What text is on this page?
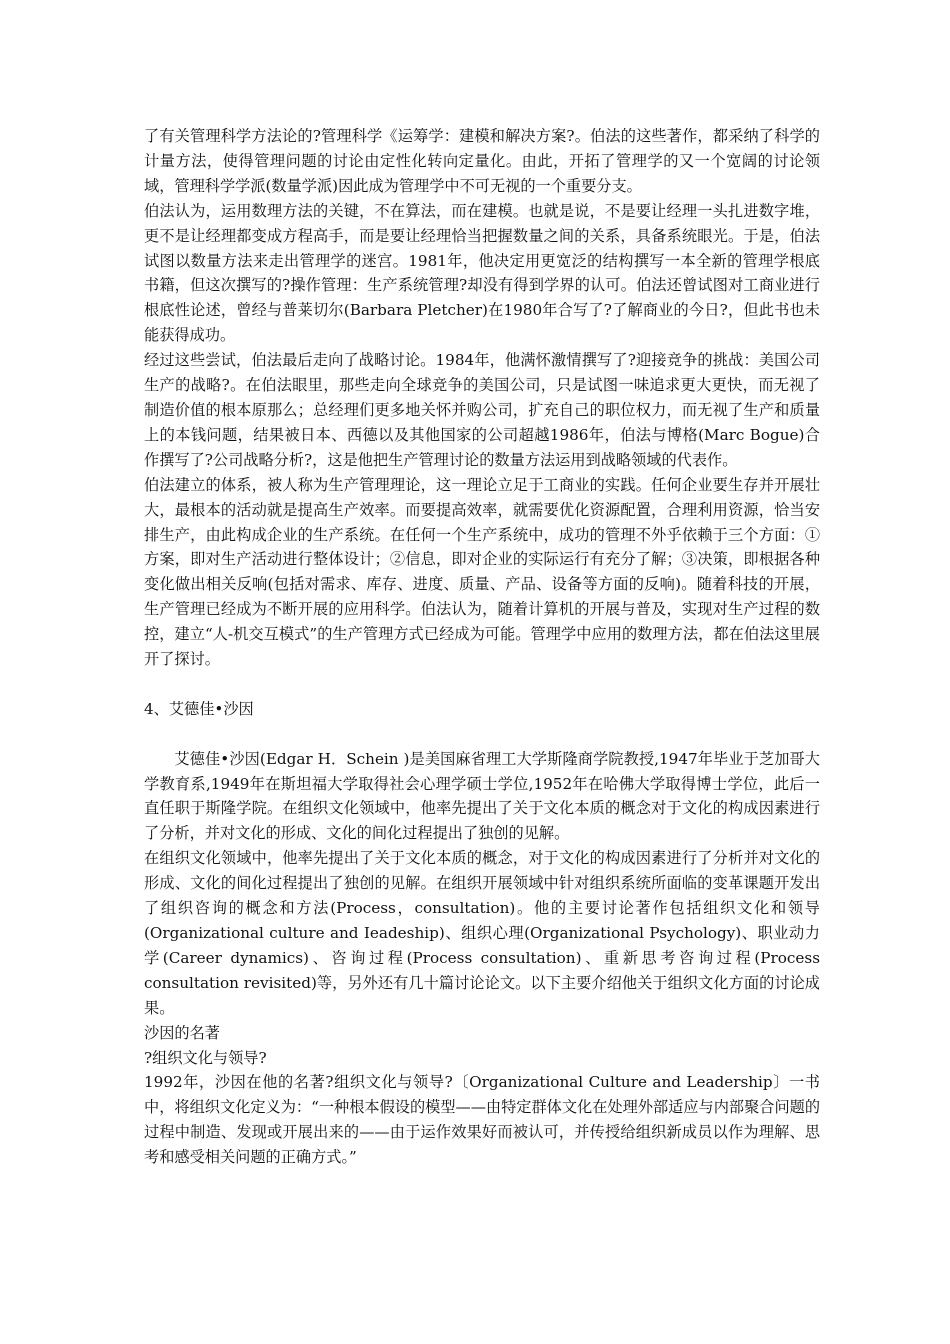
了有关管理科学方法论的?管理科学《运筹学：建模和解决方案?。伯法的这些著作，都采纳了科学的计量方法，使得管理问题的讨论由定性化转向定量化。由此，开拓了管理学的又一个宽阔的讨论领域，管理科学学派(数量学派)因此成为管理学中不可无视的一个重要分支。

伯法认为，运用数理方法的关键，不在算法，而在建模。也就是说，不是要让经理一头扎进数字堆，更不是让经理都变成方程高手，而是要让经理恰当把握数量之间的关系，具备系统眼光。于是，伯法试图以数量方法来走出管理学的迷宫。1981年，他决定用更宽泛的结构撰写一本全新的管理学根底书籍，但这次撰写的?操作管理：生产系统管理?却没有得到学界的认可。伯法还曾试图对工商业进行根底性论述，曾经与普莱切尔(Barbara Pletcher)在1980年合写了?了解商业的今日?，但此书也未能获得成功。

经过这些尝试，伯法最后走向了战略讨论。1984年，他满怀激情撰写了?迎接竞争的挑战：美国公司生产的战略?。在伯法眼里，那些走向全球竞争的美国公司，只是试图一味追求更大更快，而无视了制造价值的根本原那么；总经理们更多地关怀并购公司，扩充自己的职位权力，而无视了生产和质量上的本钱问题，结果被日本、西德以及其他国家的公司超越1986年，伯法与博格(Marc Bogue)合作撰写了?公司战略分析?，这是他把生产管理讨论的数量方法运用到战略领域的代表作。

伯法建立的体系，被人称为生产管理理论，这一理论立足于工商业的实践。任何企业要生存并开展壮大，最根本的活动就是提高生产效率。而要提高效率，就需要优化资源配置，合理利用资源，恰当安排生产，由此构成企业的生产系统。在任何一个生产系统中，成功的管理不外乎依赖于三个方面：①方案，即对生产活动进行整体设计；②信息，即对企业的实际运行有充分了解；③决策，即根据各种变化做出相关反响(包括对需求、库存、进度、质量、产品、设备等方面的反响)。随着科技的开展，生产管理已经成为不断开展的应用科学。伯法认为，随着计算机的开展与普及，实现对生产过程的数控，建立“人-机交互模式”的生产管理方式已经成为可能。管理学中应用的数理方法，都在伯法这里展开了探讨。

4、艾德佳•沙因

艾德佳•沙因(Edgar H．Schein )是美国麻省理工大学斯隆商学院教授,1947年毕业于芝加哥大学教育系,1949年在斯坦福大学取得社会心理学硕士学位,1952年在哈佛大学取得博士学位，此后一直任职于斯隆学院。在组织文化领域中，他率先提出了关于文化本质的概念对于文化的构成因素进行了分析，并对文化的形成、文化的间化过程提出了独创的见解。

在组织文化领域中，他率先提出了关于文化本质的概念，对于文化的构成因素进行了分析并对文化的形成、文化的间化过程提出了独创的见解。在组织开展领域中针对组织系统所面临的变革课题开发出了组织咨询的概念和方法(Process，consultation)。他的主要讨论著作包括组织文化和领导(Organizational culture and Ieadeship)、组织心理(Organizational Psychology)、职业动力学(Career dynamics)、咨询过程(Process consultation)、重新思考咨询过程(Process consultation revisited)等，另外还有几十篇讨论论文。以下主要介绍他关于组织文化方面的讨论成果。

沙因的名著

?组织文化与领导?

1992年，沙因在他的名著?组织文化与领导?〔Organizational Culture and Leadership〕一书中，将组织文化定义为：“一种根本假设的模型——由特定群体文化在处理外部适应与内部聚合问题的过程中制造、发现或开展出来的——由于运作效果好而被认可，并传授给组织新成员以作为理解、思考和感受相关问题的正确方式。”
